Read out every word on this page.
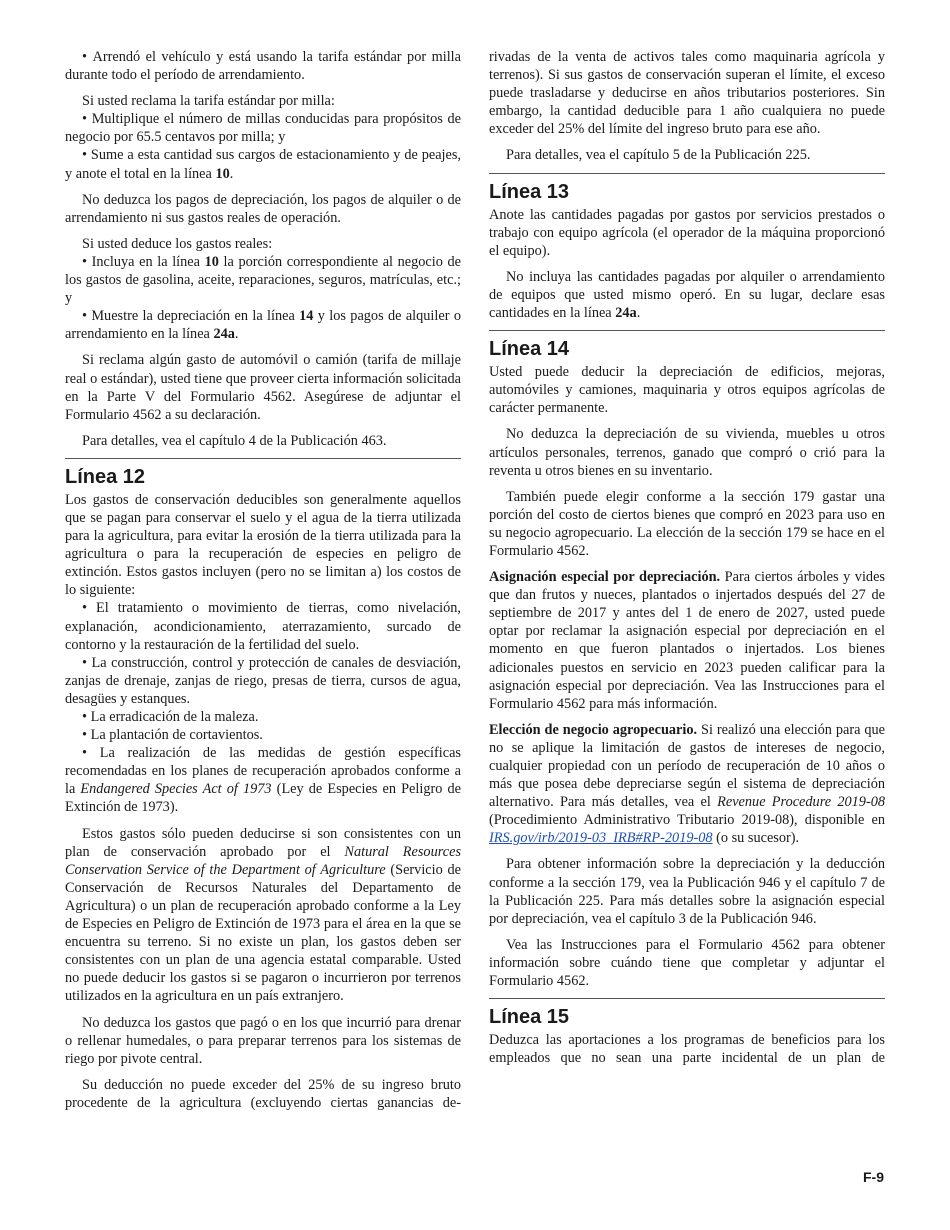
• Arrendó el vehículo y está usando la tarifa estándar por milla durante todo el período de arrendamiento.

Si usted reclama la tarifa estándar por milla:

• Multiplique el número de millas conducidas para propósitos de negocio por 65.5 centavos por milla; y

• Sume a esta cantidad sus cargos de estacionamiento y de peajes, y anote el total en la línea 10.

No deduzca los pagos de depreciación, los pagos de alquiler o de arrendamiento ni sus gastos reales de operación.

Si usted deduce los gastos reales:

• Incluya en la línea 10 la porción correspondiente al negocio de los gastos de gasolina, aceite, reparaciones, seguros, matrículas, etc.; y

• Muestre la depreciación en la línea 14 y los pagos de alquiler o arrendamiento en la línea 24a.

Si reclama algún gasto de automóvil o camión (tarifa de millaje real o estándar), usted tiene que proveer cierta información solicitada en la Parte V del Formulario 4562. Asegúrese de adjuntar el Formulario 4562 a su declaración.

Para detalles, vea el capítulo 4 de la Publicación 463.

Línea 12

Los gastos de conservación deducibles son generalmente aquellos que se pagan para conservar el suelo y el agua de la tierra utilizada para la agricultura, para evitar la erosión de la tierra utilizada para la agricultura o para la recuperación de especies en peligro de extinción. Estos gastos incluyen (pero no se limitan a) los costos de lo siguiente:

• El tratamiento o movimiento de tierras, como nivelación, explanación, acondicionamiento, aterrazamiento, surcado de contorno y la restauración de la fertilidad del suelo.

• La construcción, control y protección de canales de desviación, zanjas de drenaje, zanjas de riego, presas de tierra, cursos de agua, desagües y estanques.

• La erradicación de la maleza.

• La plantación de cortavientos.

• La realización de las medidas de gestión específicas recomendadas en los planes de recuperación aprobados conforme a la Endangered Species Act of 1973 (Ley de Especies en Peligro de Extinción de 1973).

Estos gastos sólo pueden deducirse si son consistentes con un plan de conservación aprobado por el Natural Resources Conservation Service of the Department of Agriculture (Servicio de Conservación de Recursos Naturales del Departamento de Agricultura) o un plan de recuperación aprobado conforme a la Ley de Especies en Peligro de Extinción de 1973 para el área en la que se encuentra su terreno. Si no existe un plan, los gastos deben ser consistentes con un plan de una agencia estatal comparable. Usted no puede deducir los gastos si se pagaron o incurrieron por terrenos utilizados en la agricultura en un país extranjero.

No deduzca los gastos que pagó o en los que incurrió para drenar o rellenar humedales, o para preparar terrenos para los sistemas de riego por pivote central.

Su deducción no puede exceder del 25% de su ingreso bruto procedente de la agricultura (excluyendo ciertas ganancias de-

rivadas de la venta de activos tales como maquinaria agrícola y terrenos). Si sus gastos de conservación superan el límite, el exceso puede trasladarse y deducirse en años tributarios posteriores. Sin embargo, la cantidad deducible para 1 año cualquiera no puede exceder del 25% del límite del ingreso bruto para ese año.

Para detalles, vea el capítulo 5 de la Publicación 225.

Línea 13

Anote las cantidades pagadas por gastos por servicios prestados o trabajo con equipo agrícola (el operador de la máquina proporcionó el equipo).

No incluya las cantidades pagadas por alquiler o arrendamiento de equipos que usted mismo operó. En su lugar, declare esas cantidades en la línea 24a.

Línea 14

Usted puede deducir la depreciación de edificios, mejoras, automóviles y camiones, maquinaria y otros equipos agrícolas de carácter permanente.

No deduzca la depreciación de su vivienda, muebles u otros artículos personales, terrenos, ganado que compró o crió para la reventa u otros bienes en su inventario.

También puede elegir conforme a la sección 179 gastar una porción del costo de ciertos bienes que compró en 2023 para uso en su negocio agropecuario. La elección de la sección 179 se hace en el Formulario 4562.

Asignación especial por depreciación. Para ciertos árboles y vides que dan frutos y nueces, plantados o injertados después del 27 de septiembre de 2017 y antes del 1 de enero de 2027, usted puede optar por reclamar la asignación especial por depreciación en el momento en que fueron plantados o injertados. Los bienes adicionales puestos en servicio en 2023 pueden calificar para la asignación especial por depreciación. Vea las Instrucciones para el Formulario 4562 para más información.

Elección de negocio agropecuario. Si realizó una elección para que no se aplique la limitación de gastos de intereses de negocio, cualquier propiedad con un período de recuperación de 10 años o más que posea debe depreciarse según el sistema de depreciación alternativo. Para más detalles, vea el Revenue Procedure 2019-08 (Procedimiento Administrativo Tributario 2019-08), disponible en IRS.gov/irb/2019-03_IRB#RP-2019-08 (o su sucesor).

Para obtener información sobre la depreciación y la deducción conforme a la sección 179, vea la Publicación 946 y el capítulo 7 de la Publicación 225. Para más detalles sobre la asignación especial por depreciación, vea el capítulo 3 de la Publicación 946.

Vea las Instrucciones para el Formulario 4562 para obtener información sobre cuándo tiene que completar y adjuntar el Formulario 4562.

Línea 15

Deduzca las aportaciones a los programas de beneficios para los empleados que no sean una parte incidental de un plan de

F-9
